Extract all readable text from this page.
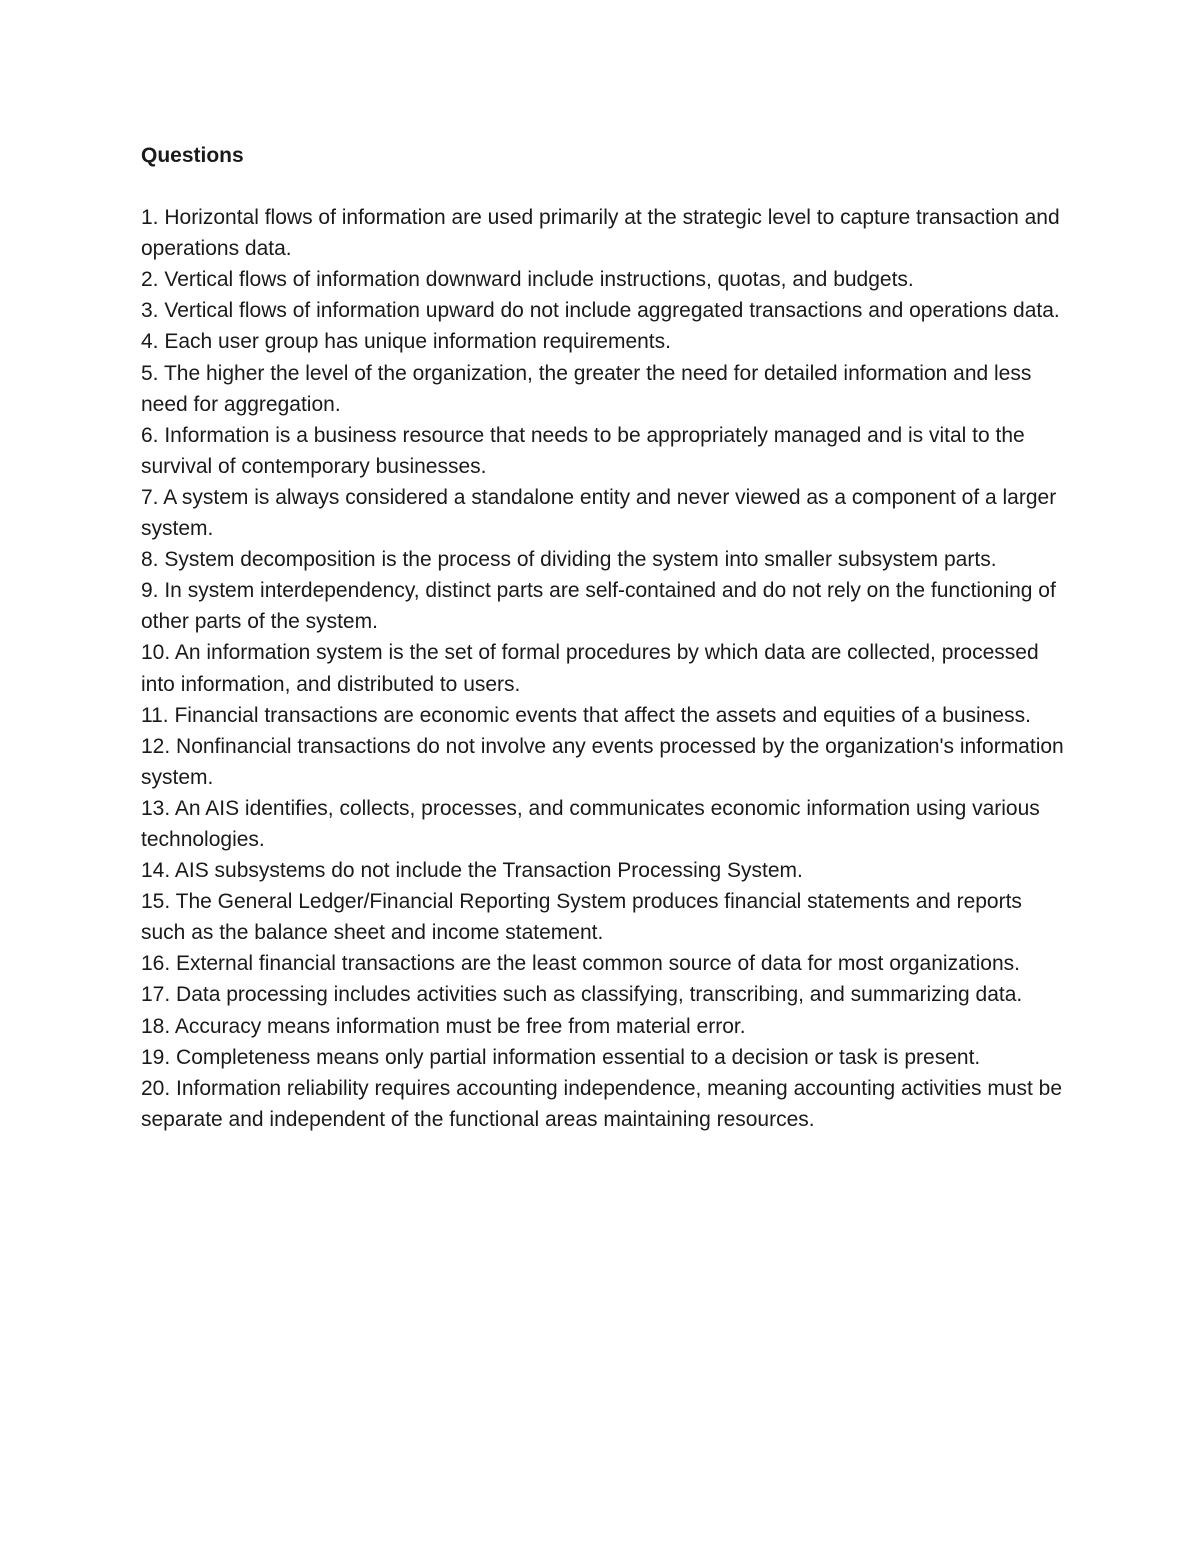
Questions
1. Horizontal flows of information are used primarily at the strategic level to capture transaction and operations data.
2. Vertical flows of information downward include instructions, quotas, and budgets.
3. Vertical flows of information upward do not include aggregated transactions and operations data.
4. Each user group has unique information requirements.
5. The higher the level of the organization, the greater the need for detailed information and less need for aggregation.
6. Information is a business resource that needs to be appropriately managed and is vital to the survival of contemporary businesses.
7. A system is always considered a standalone entity and never viewed as a component of a larger system.
8. System decomposition is the process of dividing the system into smaller subsystem parts.
9. In system interdependency, distinct parts are self-contained and do not rely on the functioning of other parts of the system.
10. An information system is the set of formal procedures by which data are collected, processed into information, and distributed to users.
11. Financial transactions are economic events that affect the assets and equities of a business.
12. Nonfinancial transactions do not involve any events processed by the organization's information system.
13. An AIS identifies, collects, processes, and communicates economic information using various technologies.
14. AIS subsystems do not include the Transaction Processing System.
15. The General Ledger/Financial Reporting System produces financial statements and reports such as the balance sheet and income statement.
16. External financial transactions are the least common source of data for most organizations.
17. Data processing includes activities such as classifying, transcribing, and summarizing data.
18. Accuracy means information must be free from material error.
19. Completeness means only partial information essential to a decision or task is present.
20. Information reliability requires accounting independence, meaning accounting activities must be separate and independent of the functional areas maintaining resources.
